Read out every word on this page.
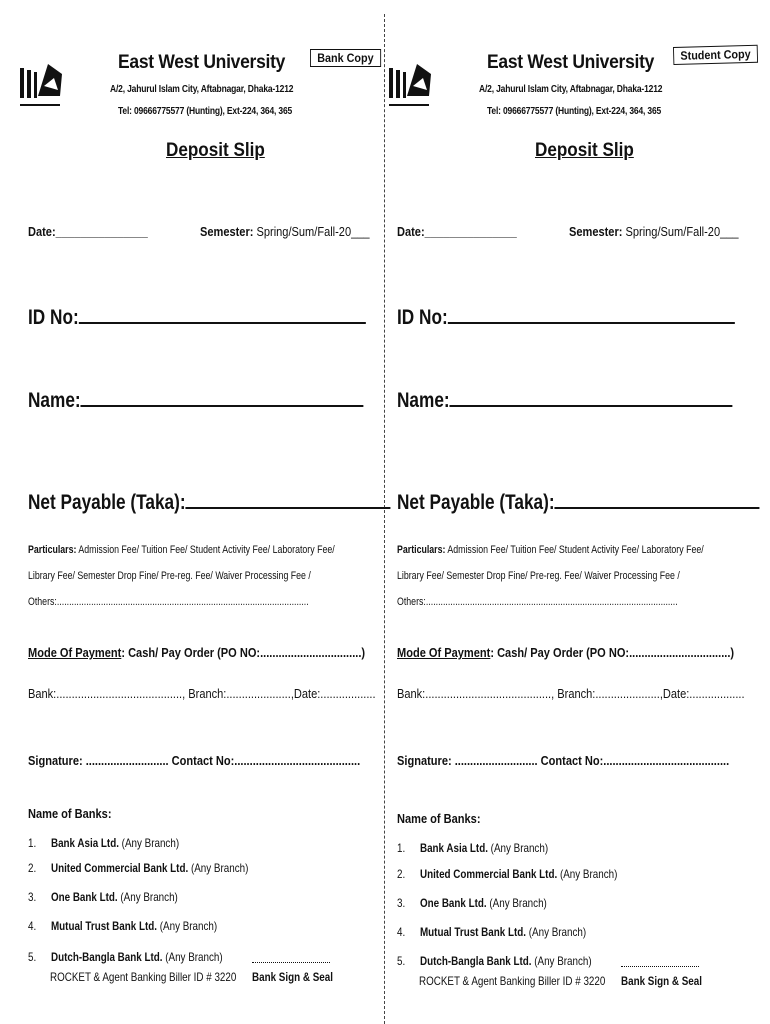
East West University	Bank Copy
A/2, Jahurul Islam City, Aftabnagar, Dhaka-1212
Tel: 09666775577 (Hunting), Ext-224, 364, 365
Deposit Slip
Date:_______________	Semester: Spring/Sum/Fall-20___
ID No:
Name:
Net Payable (Taka):
Particulars: Admission Fee/ Tuition Fee/ Student Activity Fee/ Laboratory Fee/
Library Fee/ Semester Drop Fine/ Pre-reg. Fee/ Waiver Processing Fee /
Others:.......................................................................................................
Mode Of Payment: Cash/ Pay Order (PO NO:.................................)
Bank:........................................., Branch:.....................,Date:..................
Signature: ........................... Contact No:.........................................
Name of Banks:
1. Bank Asia Ltd. (Any Branch)
2. United Commercial Bank Ltd. (Any Branch)
3. One Bank Ltd. (Any Branch)
4. Mutual Trust Bank Ltd. (Any Branch)
5. Dutch-Bangla Bank Ltd. (Any Branch)
ROCKET & Agent Banking Biller ID # 3220 Bank Sign & Seal
East West University	Student Copy
A/2, Jahurul Islam City, Aftabnagar, Dhaka-1212
Tel: 09666775577 (Hunting), Ext-224, 364, 365
Deposit Slip
Date:_______________	Semester: Spring/Sum/Fall-20___
ID No:
Name:
Net Payable (Taka):
Particulars: Admission Fee/ Tuition Fee/ Student Activity Fee/ Laboratory Fee/
Library Fee/ Semester Drop Fine/ Pre-reg. Fee/ Waiver Processing Fee /
Others:.......................................................................................................
Mode Of Payment: Cash/ Pay Order (PO NO:.................................)
Bank:........................................., Branch:.....................,Date:..................
Signature: ........................... Contact No:.........................................
Name of Banks:
1. Bank Asia Ltd. (Any Branch)
2. United Commercial Bank Ltd. (Any Branch)
3. One Bank Ltd. (Any Branch)
4. Mutual Trust Bank Ltd. (Any Branch)
5. Dutch-Bangla Bank Ltd. (Any Branch)
ROCKET & Agent Banking Biller ID # 3220 Bank Sign & Seal
